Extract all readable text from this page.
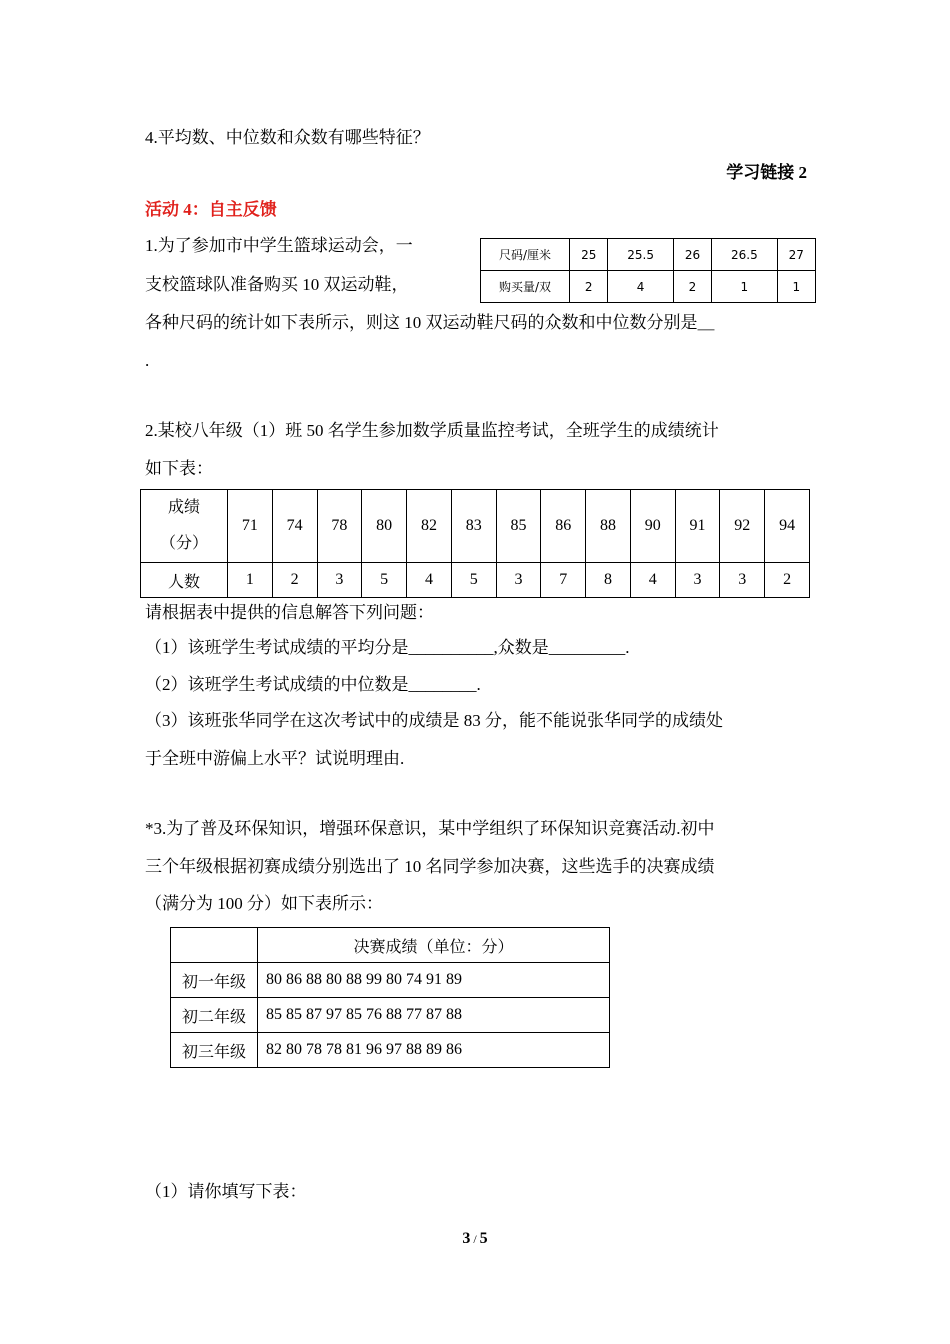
4.平均数、中位数和众数有哪些特征？
学习链接 2
活动 4：自主反馈
1.为了参加市中学生篮球运动会，一
支校篮球队准备购买 10 双运动鞋，
各种尺码的统计如下表所示，则这 10 双运动鞋尺码的众数和中位数分别是＿
.
尺码/厘米	25	25.5	26	26.5	27
购买量/双	2	4	2	1	1
2.某校八年级（1）班 50 名学生参加数学质量监控考试，全班学生的成绩统计
如下表：
成绩
（分）	71	74	78	80	82	83	85	86	88	90	91	92	94
人数	1	2	3	5	4	5	3	7	8	4	3	3	2
请根据表中提供的信息解答下列问题：
（1）该班学生考试成绩的平均分是__________,众数是_________.
（2）该班学生考试成绩的中位数是________.
（3）该班张华同学在这次考试中的成绩是 83 分，能不能说张华同学的成绩处
于全班中游偏上水平？试说明理由.
*3.为了普及环保知识，增强环保意识，某中学组织了环保知识竞赛活动.初中
三个年级根据初赛成绩分别选出了 10 名同学参加决赛，这些选手的决赛成绩
（满分为 100 分）如下表所示：
	决赛成绩（单位：分）
初一年级	80 86 88 80 88 99 80 74 91 89
初二年级	85 85 87 97 85 76 88 77 87 88
初三年级	82 80 78 78 81 96 97 88 89 86
（1）请你填写下表：
3 / 5
